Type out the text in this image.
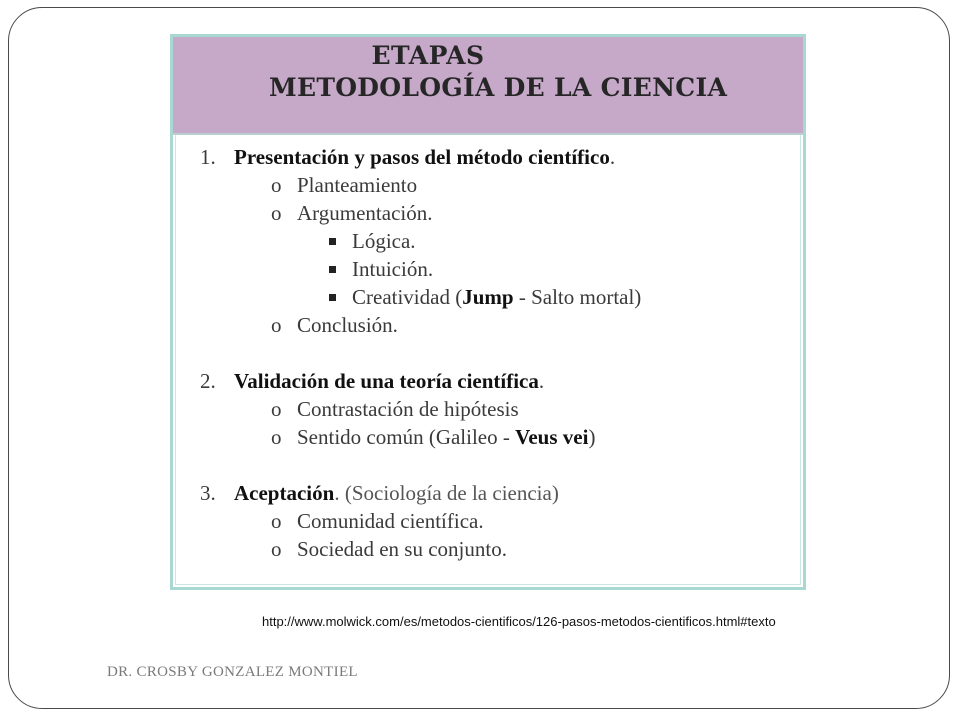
ETAPAS
METODOLOGÍA DE LA CIENCIA
1. Presentación y pasos del método científico.
o Planteamiento
o Argumentación.
Lógica.
Intuición.
Creatividad (Jump - Salto mortal)
o Conclusión.
2. Validación de una teoría científica.
o Contrastación de hipótesis
o Sentido común (Galileo - Veus vei)
3. Aceptación. (Sociología de la ciencia)
o Comunidad científica.
o Sociedad en su conjunto.
http://www.molwick.com/es/metodos-cientificos/126-pasos-metodos-cientificos.html#texto
DR. CROSBY GONZALEZ MONTIEL
